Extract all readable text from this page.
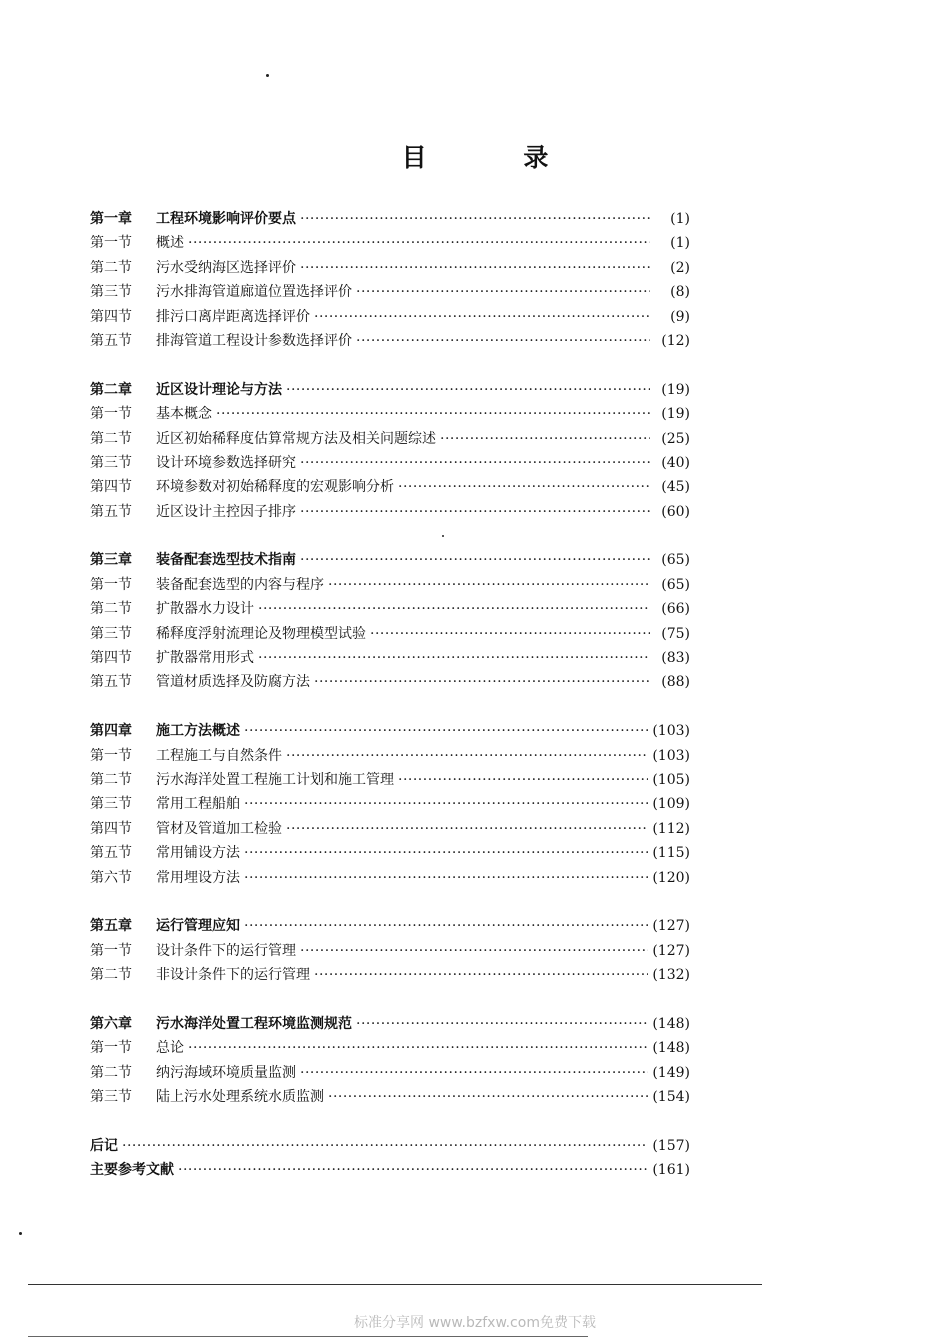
目 录
第一章	工程环境影响评价要点 ·····	(1)
第一节	概述 ·····	(1)
第二节	污水受纳海区选择评价 ·····	(2)
第三节	污水排海管道廊道位置选择评价 ·····	(8)
第四节	排污口离岸距离选择评价 ·····	(9)
第五节	排海管道工程设计参数选择评价 ·····	(12)
第二章	近区设计理论与方法 ·····	(19)
第一节	基本概念 ·····	(19)
第二节	近区初始稀释度估算常规方法及相关问题综述 ·····	(25)
第三节	设计环境参数选择研究 ·····	(40)
第四节	环境参数对初始稀释度的宏观影响分析 ·····	(45)
第五节	近区设计主控因子排序 ·····	(60)
第三章	装备配套选型技术指南 ·····	(65)
第一节	装备配套选型的内容与程序 ·····	(65)
第二节	扩散器水力设计 ·····	(66)
第三节	稀释度浮射流理论及物理模型试验 ·····	(75)
第四节	扩散器常用形式 ·····	(83)
第五节	管道材质选择及防腐方法 ·····	(88)
第四章	施工方法概述 ·····	(103)
第一节	工程施工与自然条件 ·····	(103)
第二节	污水海洋处置工程施工计划和施工管理 ·····	(105)
第三节	常用工程船舶 ·····	(109)
第四节	管材及管道加工检验 ·····	(112)
第五节	常用铺设方法 ·····	(115)
第六节	常用埋设方法 ·····	(120)
第五章	运行管理应知 ·····	(127)
第一节	设计条件下的运行管理 ·····	(127)
第二节	非设计条件下的运行管理 ·····	(132)
第六章	污水海洋处置工程环境监测规范 ·····	(148)
第一节	总论 ·····	(148)
第二节	纳污海域环境质量监测 ·····	(149)
第三节	陆上污水处理系统水质监测 ·····	(154)
后记 ·····	(157)
主要参考文献 ·····	(161)
标准分享网 www.bzfxw.com免费下载
